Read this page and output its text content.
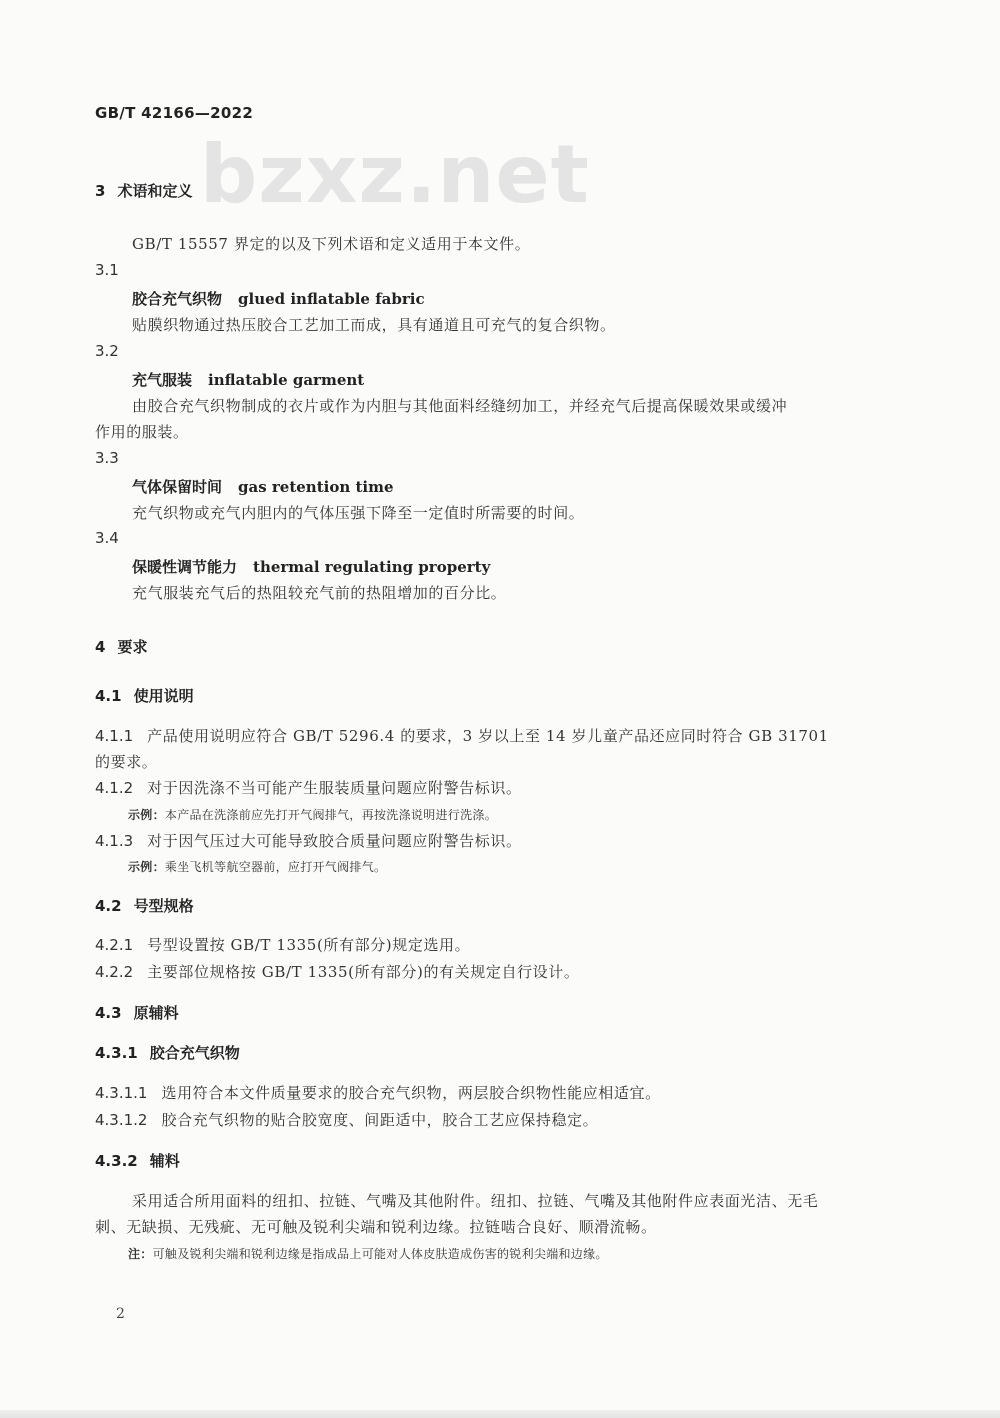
GB/T 42166—2022
bzxz.net
3 术语和定义
GB/T 15557 界定的以及下列术语和定义适用于本文件。
3.1
胶合充气织物 glued inflatable fabric
贴膜织物通过热压胶合工艺加工而成，具有通道且可充气的复合织物。
3.2
充气服装 inflatable garment
由胶合充气织物制成的衣片或作为内胆与其他面料经缝纫加工，并经充气后提高保暖效果或缓冲
作用的服装。
3.3
气体保留时间 gas retention time
充气织物或充气内胆内的气体压强下降至一定值时所需要的时间。
3.4
保暖性调节能力 thermal regulating property
充气服装充气后的热阻较充气前的热阻增加的百分比。
4 要求
4.1 使用说明
4.1.1 产品使用说明应符合 GB/T 5296.4 的要求，3 岁以上至 14 岁儿童产品还应同时符合 GB 31701
的要求。
4.1.2 对于因洗涤不当可能产生服装质量问题应附警告标识。
示例：本产品在洗涤前应先打开气阀排气，再按洗涤说明进行洗涤。
4.1.3 对于因气压过大可能导致胶合质量问题应附警告标识。
示例：乘坐飞机等航空器前，应打开气阀排气。
4.2 号型规格
4.2.1 号型设置按 GB/T 1335(所有部分)规定选用。
4.2.2 主要部位规格按 GB/T 1335(所有部分)的有关规定自行设计。
4.3 原辅料
4.3.1 胶合充气织物
4.3.1.1 选用符合本文件质量要求的胶合充气织物，两层胶合织物性能应相适宜。
4.3.1.2 胶合充气织物的贴合胶宽度、间距适中，胶合工艺应保持稳定。
4.3.2 辅料
采用适合所用面料的纽扣、拉链、气嘴及其他附件。纽扣、拉链、气嘴及其他附件应表面光洁、无毛
刺、无缺损、无残疵、无可触及锐利尖端和锐利边缘。拉链啮合良好、顺滑流畅。
注：可触及锐利尖端和锐利边缘是指成品上可能对人体皮肤造成伤害的锐利尖端和边缘。
2
